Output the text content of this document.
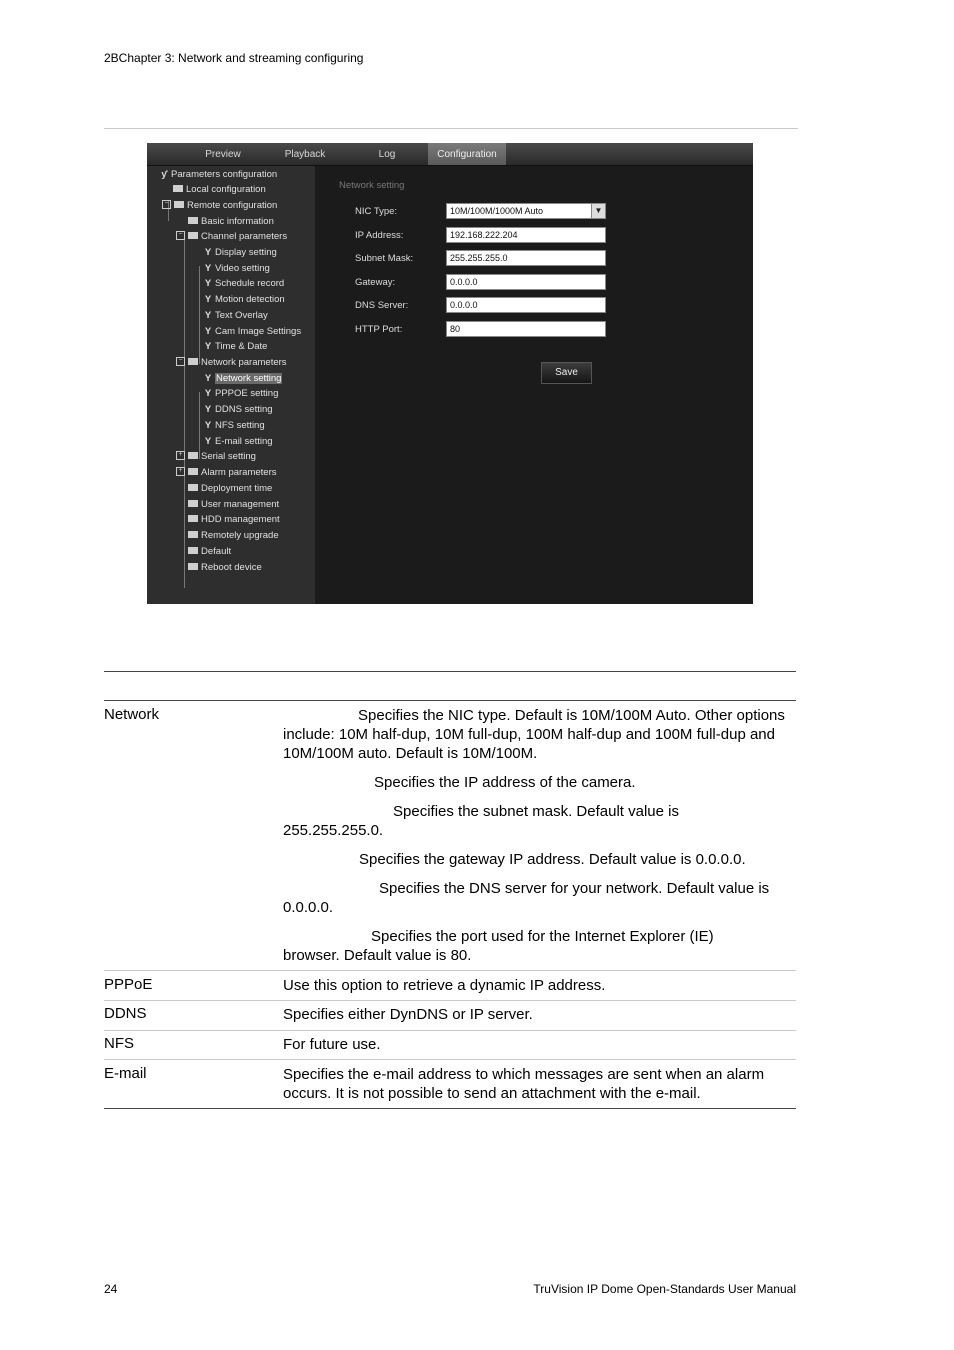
2BChapter 3: Network and streaming configuring
Preview	Playback	Log	Configuration
ƴ Parameters configuration
Local configuration
− Remote configuration
Basic information
− Channel parameters
Y Display setting
Y Video setting
Y Schedule record
Y Motion detection
Y Text Overlay
Y Cam Image Settings
Y Time & Date
− Network parameters
Y Network setting
Y PPPOE setting
Y DDNS setting
Y NFS setting
Y E-mail setting
+ Serial setting
+ Alarm parameters
Deployment time
User management
HDD management
Remotely upgrade
Default
Reboot device
Network setting
NIC Type:	10M/100M/1000M Auto	▼
IP Address:	192.168.222.204
Subnet Mask:	255.255.255.0
Gateway:	0.0.0.0
DNS Server:	0.0.0.0
HTTP Port:	80
Save
Network	Specifies the NIC type. Default is 10M/100M Auto. Other options include: 10M half-dup, 10M full-dup, 100M half-dup and 100M full-dup and 10M/100M auto. Default is 10M/100M.
Specifies the IP address of the camera.
Specifies the subnet mask. Default value is 255.255.255.0.
Specifies the gateway IP address. Default value is 0.0.0.0.
Specifies the DNS server for your network. Default value is 0.0.0.0.
Specifies the port used for the Internet Explorer (IE) browser. Default value is 80.
PPPoE	Use this option to retrieve a dynamic IP address.
DDNS	Specifies either DynDNS or IP server.
NFS	For future use.
E-mail	Specifies the e-mail address to which messages are sent when an alarm occurs. It is not possible to send an attachment with the e-mail.
24	TruVision IP Dome Open-Standards User Manual
